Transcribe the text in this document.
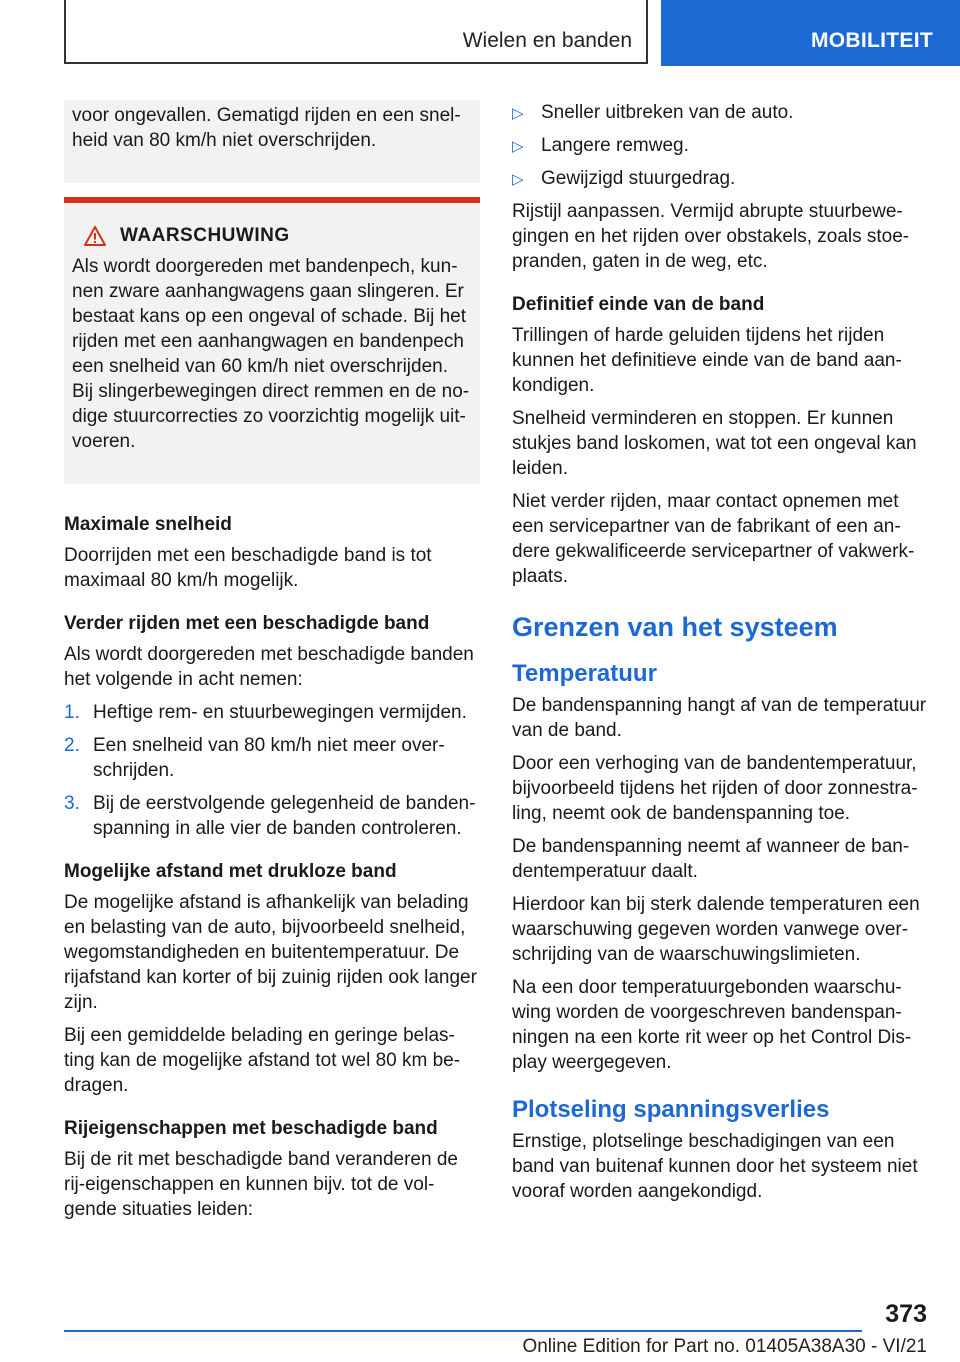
Wielen en banden	MOBILITEIT

voor ongevallen. Gematigd rijden en een snel‐heid van 80 km/h niet overschrijden.

WAARSCHUWING

Als wordt doorgereden met bandenpech, kun‐nen zware aanhangwagens gaan slingeren. Er bestaat kans op een ongeval of schade. Bij het rijden met een aanhangwagen en bandenpech een snelheid van 60 km/h niet overschrijden. Bij slingerbewegingen direct remmen en de no‐dige stuurcorrecties zo voorzichtig mogelijk uit‐voeren.

Maximale snelheid

Doorrijden met een beschadigde band is tot maximaal 80 km/h mogelijk.

Verder rijden met een beschadigde band

Als wordt doorgereden met beschadigde banden het volgende in acht nemen:

1. Heftige rem- en stuurbewegingen vermijden.
2. Een snelheid van 80 km/h niet meer over‐schrijden.
3. Bij de eerstvolgende gelegenheid de banden‐spanning in alle vier de banden controleren.
Mogelijke afstand met drukloze band

De mogelijke afstand is afhankelijk van belading en belasting van de auto, bijvoorbeeld snelheid, wegomstandigheden en buitentemperatuur. De rijafstand kan korter of bij zuinig rijden ook langer zijn.

Bij een gemiddelde belading en geringe belas‐ting kan de mogelijke afstand tot wel 80 km be‐dragen.

Rijeigenschappen met beschadigde band

Bij de rit met beschadigde band veranderen de rij-eigenschappen en kunnen bijv. tot de vol‐gende situaties leiden:

▷ Sneller uitbreken van de auto.
▷ Langere remweg.
▷ Gewijzigd stuurgedrag.

Rijstijl aanpassen. Vermijd abrupte stuurbewe‐gingen en het rijden over obstakels, zoals stoe‐pranden, gaten in de weg, etc.

Definitief einde van de band

Trillingen of harde geluiden tijdens het rijden kunnen het definitieve einde van de band aan‐kondigen.

Snelheid verminderen en stoppen. Er kunnen stukjes band loskomen, wat tot een ongeval kan leiden.

Niet verder rijden, maar contact opnemen met een servicepartner van de fabrikant of een an‐dere gekwalificeerde servicepartner of vakwerk‐plaats.

Grenzen van het systeem
Temperatuur

De bandenspanning hangt af van de temperatuur van de band.

Door een verhoging van de bandentemperatuur, bijvoorbeeld tijdens het rijden of door zonnestra‐ling, neemt ook de bandenspanning toe.

De bandenspanning neemt af wanneer de ban‐dentemperatuur daalt.

Hierdoor kan bij sterk dalende temperaturen een waarschuwing gegeven worden vanwege over‐schrijding van de waarschuwingslimieten.

Na een door temperatuurgebonden waarschu‐wing worden de voorgeschreven bandenspan‐ningen na een korte rit weer op het Control Dis‐play weergegeven.

Plotseling spanningsverlies

Ernstige, plotselinge beschadigingen van een band van buitenaf kunnen door het systeem niet vooraf worden aangekondigd.

373
Online Edition for Part no. 01405A38A30 - VI/21
